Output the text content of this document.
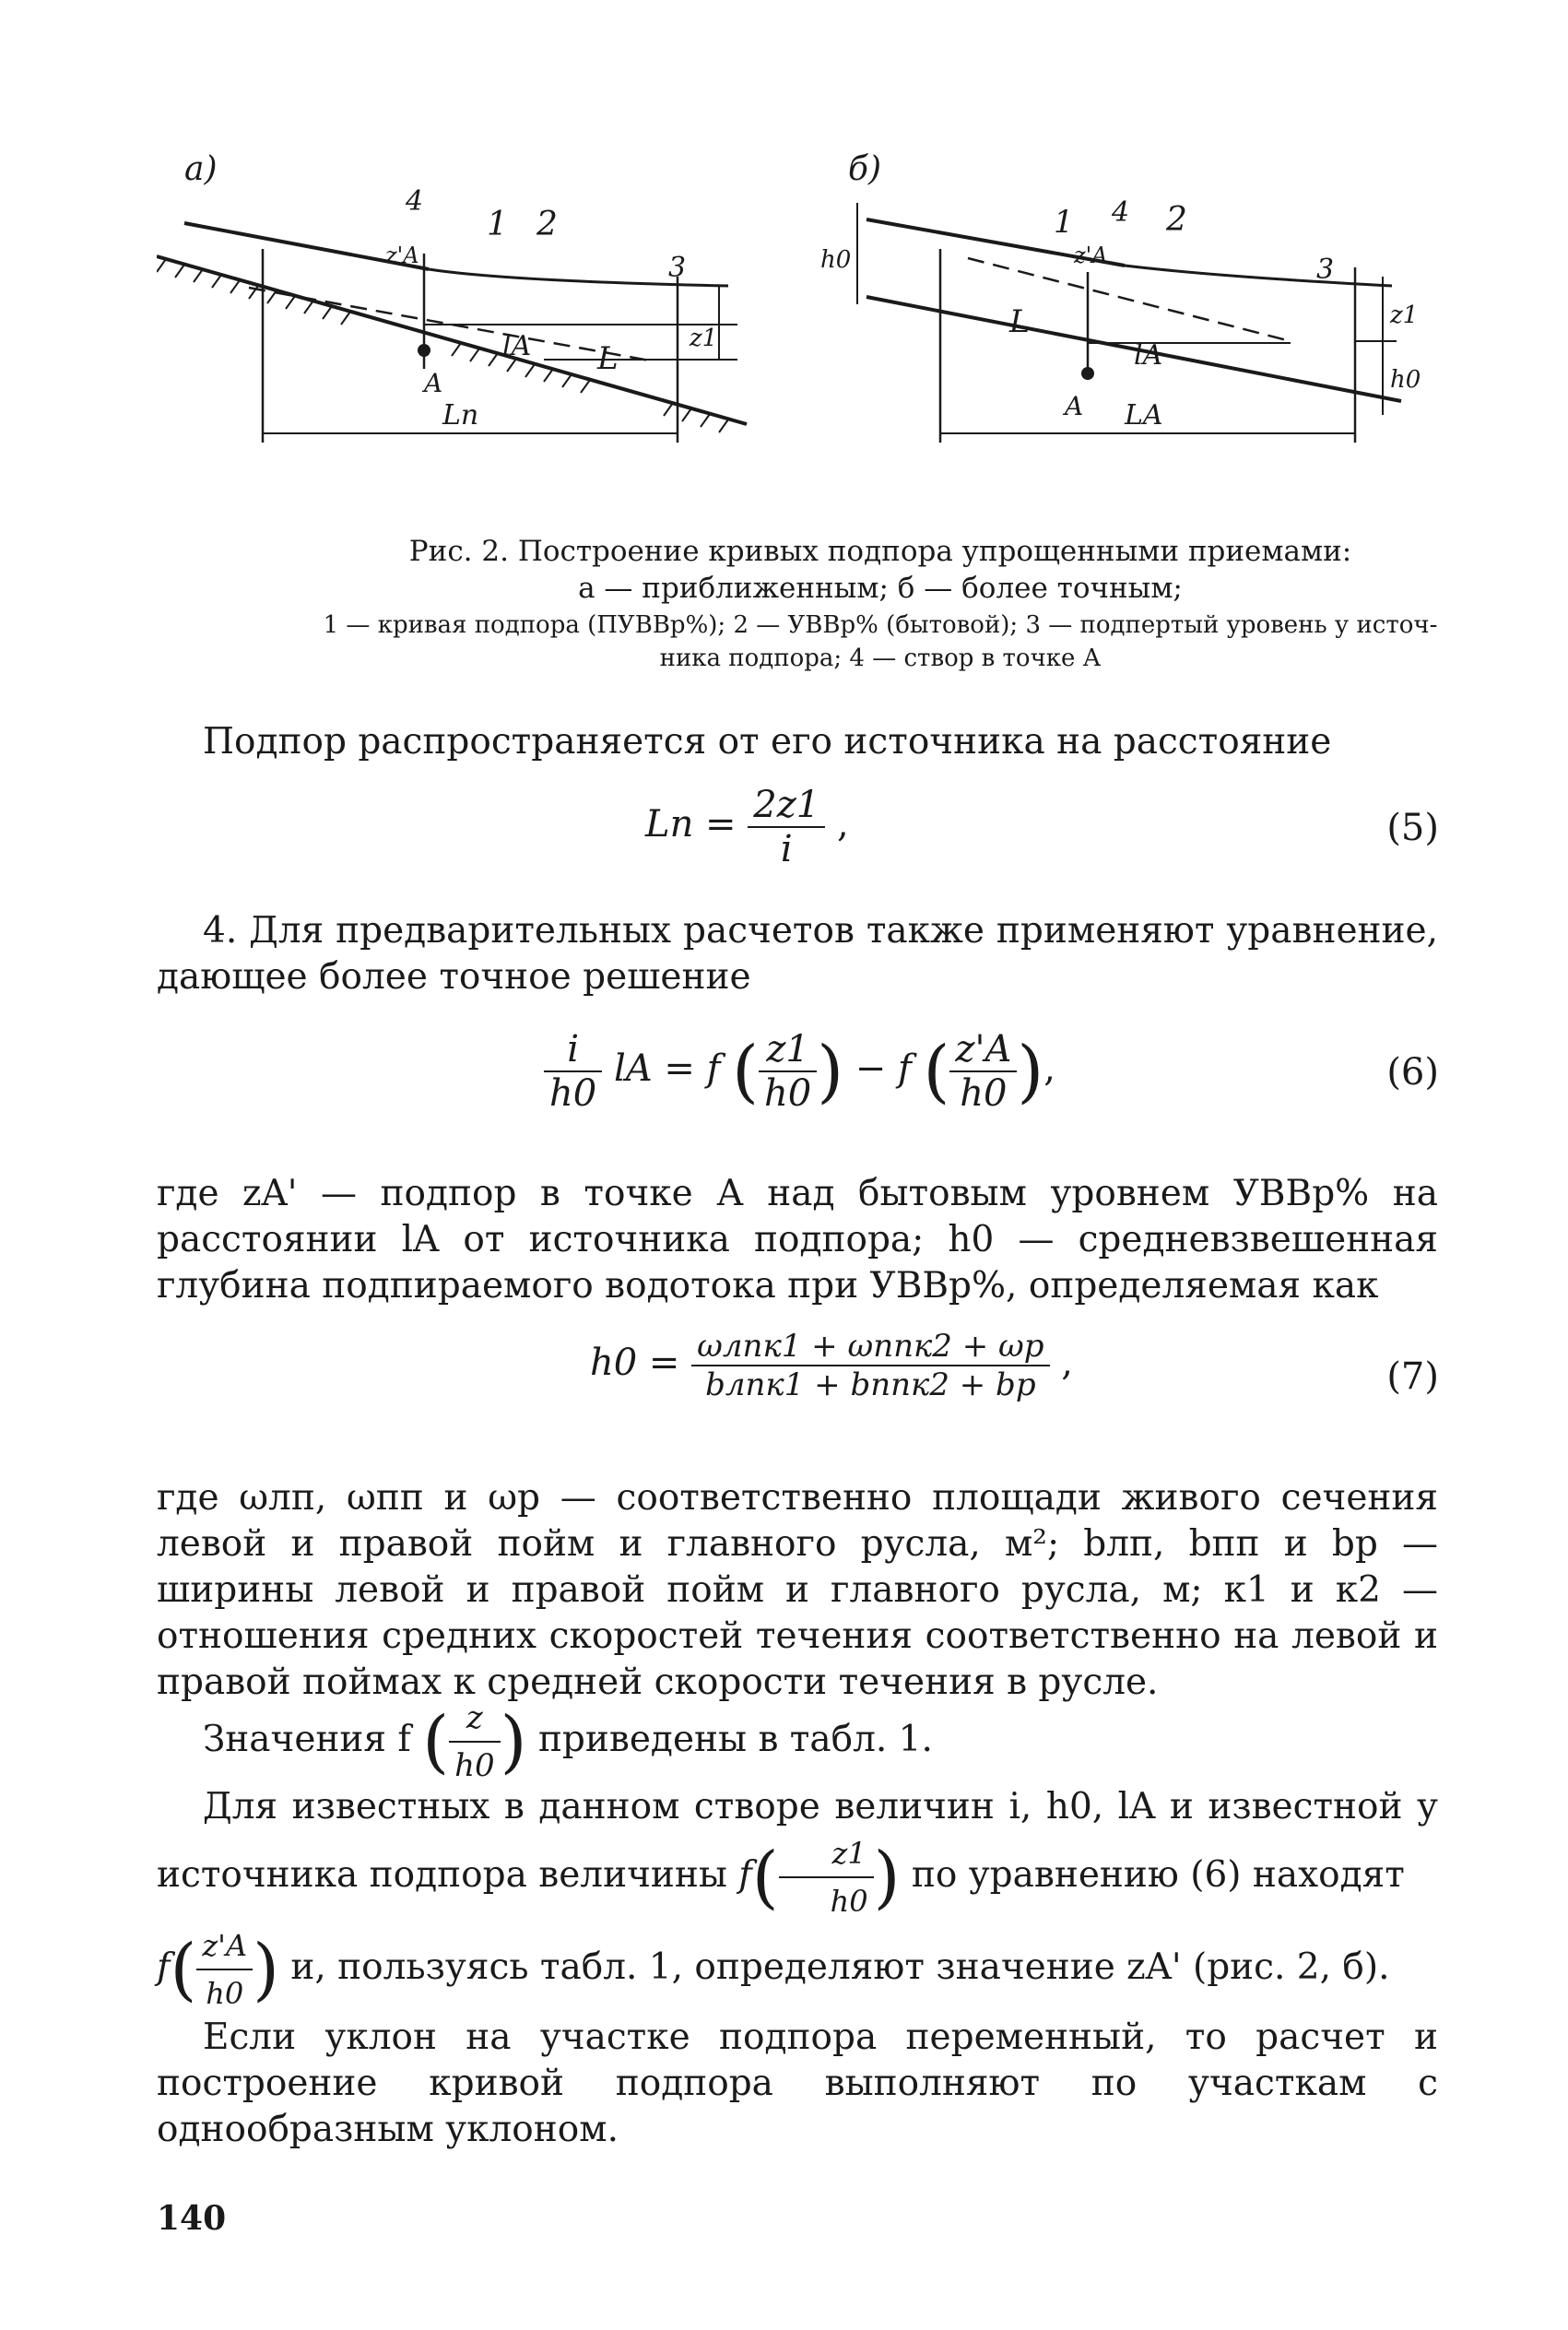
а)
4
1 2
3
z'A
z1
lA L
A
Lп
б)
1 4 2
3
h0	z'A
z1
lA
L
A LA
h0
Рис. 2. Построение кривых подпора упрощенными приемами:
а — приближенным; б — более точным;
1 — кривая подпора (ПУВВр%); 2 — УВВр% (бытовой); 3 — подпертый уровень у источ-
ника подпора; 4 — створ в точке А
Подпор распространяется от его источника на расстояние
Lп = $\frac{2z1}{i}$ ,	(5)
4. Для предварительных расчетов также применяют уравнение, дающее более точное решение
$\frac{i}{h0}$ lA = f ( $\frac{z1}{h0}$ ) − f ( $\frac{z'A}{h0}$ ),	(6)
где zA' — подпор в точке А над бытовым уровнем УВВр% на расстоянии lA от источника подпора; h0 — средневзвешенная глубина подпираемого водотока при УВВр%, определяемая как
$h0 = \frac{\text{ωлпк1 + ωппк2 + ωр}}{\text{bлпк1 + bппк2 + bр}}$ ,	(7)
где ωлп, ωпп и ωр — соответственно площади живого сечения левой и правой пойм и главного русла, м²; bлп, bпп и bр — ширины левой и правой пойм и главного русла, м; к1 и к2 — отношения средних скоростей течения соответственно на левой и правой поймах к средней скорости течения в русле.
Значения f ( $\frac{z}{h0}$ ) приведены в табл. 1.
Для известных в данном створе величин i, h0, lA и известной у источника подпора величины $f( \frac{z1}{h0}$ ) по уравнению (6) находят
$f( \frac{z'A}{h0}$ ) и, пользуясь табл. 1, определяют значение zA' (рис. 2, б).
Если уклон на участке подпора переменный, то расчет и построение кривой подпора выполняют по участкам с однообразным уклоном.
140
